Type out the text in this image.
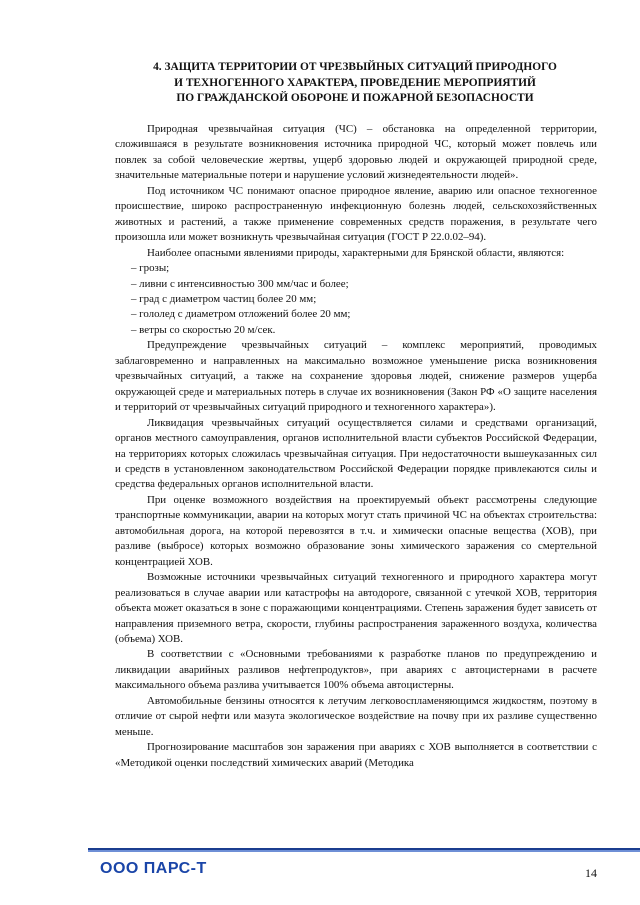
4. ЗАЩИТА ТЕРРИТОРИИ ОТ ЧРЕЗВЫЙНЫХ СИТУАЦИЙ ПРИРОДНОГО
И ТЕХНОГЕННОГО ХАРАКТЕРА, ПРОВЕДЕНИЕ МЕРОПРИЯТИЙ
ПО ГРАЖДАНСКОЙ ОБОРОНЕ И ПОЖАРНОЙ БЕЗОПАСНОСТИ

Природная чрезвычайная ситуация (ЧС) – обстановка на определенной территории, сложившаяся в результате возникновения источника природной ЧС, который может повлечь или повлек за собой человеческие жертвы, ущерб здоровью людей и окружающей природной среде, значительные материальные потери и нарушение условий жизнедеятельности людей».

Под источником ЧС понимают опасное природное явление, аварию или опасное техногенное происшествие, широко распространенную инфекционную болезнь людей, сельскохозяйственных животных и растений, а также применение современных средств поражения, в результате чего произошла или может возникнуть чрезвычайная ситуация (ГОСТ Р 22.0.02–94).

Наиболее опасными явлениями природы, характерными для Брянской области, являются:

– грозы;

– ливни с интенсивностью 300 мм/час и более;

– град с диаметром частиц более 20 мм;

– гололед с диаметром отложений более 20 мм;

– ветры со скоростью 20 м/сек.

Предупреждение чрезвычайных ситуаций – комплекс мероприятий, проводимых заблаговременно и направленных на максимально возможное уменьшение риска возникновения чрезвычайных ситуаций, а также на сохранение здоровья людей, снижение размеров ущерба окружающей среде и материальных потерь в случае их возникновения (Закон РФ «О защите населения и территорий от чрезвычайных ситуаций природного и техногенного характера»).

Ликвидация чрезвычайных ситуаций осуществляется силами и средствами организаций, органов местного самоуправления, органов исполнительной власти субъектов Российской Федерации, на территориях которых сложилась чрезвычайная ситуация. При недостаточности вышеуказанных сил и средств в установленном законодательством Российской Федерации порядке привлекаются силы и средства федеральных органов исполнительной власти.

При оценке возможного воздействия на проектируемый объект рассмотрены следующие транспортные коммуникации, аварии на которых могут стать причиной ЧС на объектах строительства: автомобильная дорога, на которой перевозятся в т.ч. и химически опасные вещества (ХОВ), при разливе (выбросе) которых возможно образование зоны химического заражения со смертельной концентрацией ХОВ.

Возможные источники чрезвычайных ситуаций техногенного и природного характера могут реализоваться в случае аварии или катастрофы на автодороге, связанной с утечкой ХОВ, территория объекта может оказаться в зоне с поражающими концентрациями. Степень заражения будет зависеть от направления приземного ветра, скорости, глубины распространения зараженного воздуха, количества (объема) ХОВ.

В соответствии с «Основными требованиями к разработке планов по предупреждению и ликвидации аварийных разливов нефтепродуктов», при авариях с автоцистернами в расчете максимального объема разлива учитывается 100% объема автоцистерны.

Автомобильные бензины относятся к летучим легковоспламеняющимся жидкостям, поэтому в отличие от сырой нефти или мазута экологическое воздействие на почву при их разливе существенно меньше.

Прогнозирование масштабов зон заражения при авариях с ХОВ выполняется в соответствии с «Методикой оценки последствий химических аварий (Методика

ООО ПАРС-Т	14
